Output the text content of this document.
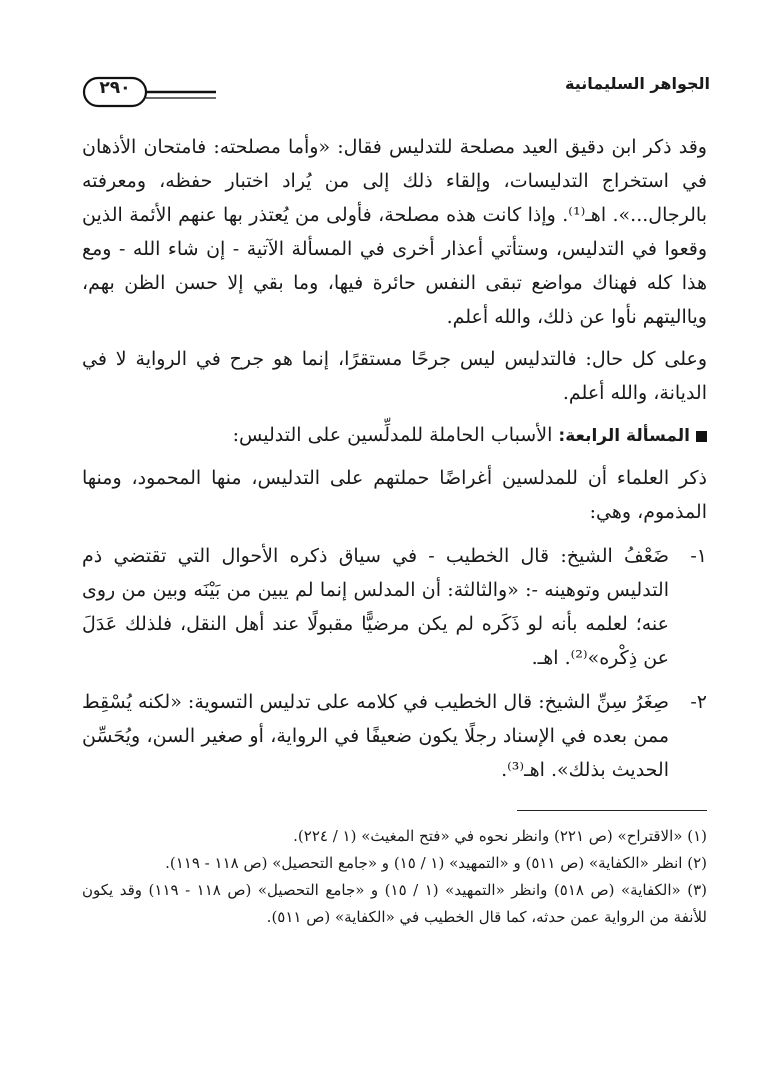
الجواهر السليمانية
٢٩٠

وقد ذكر ابن دقيق العيد مصلحة للتدليس فقال: «وأما مصلحته: فامتحان الأذهان في استخراج التدليسات، وإلقاء ذلك إلى من يُراد اختبار حفظه، ومعرفته بالرجال...». اهـ⁽¹⁾. وإذا كانت هذه مصلحة، فأولى من يُعتذر بها عنهم الأئمة الذين وقعوا في التدليس، وستأتي أعذار أخرى في المسألة الآتية - إن شاء الله - ومع هذا كله فهناك مواضع تبقى النفس حائرة فيها، وما بقي إلا حسن الظن بهم، ويااليتهم نأوا عن ذلك، والله أعلم.

وعلى كل حال: فالتدليس ليس جرحًا مستقرًا، إنما هو جرح في الرواية لا في الديانة، والله أعلم.

المسألة الرابعة: الأسباب الحاملة للمدلِّسين على التدليس:

ذكر العلماء أن للمدلسين أغراضًا حملتهم على التدليس، منها المحمود، ومنها المذموم، وهي:

١-

ضَعْفُ الشيخ: قال الخطيب - في سياق ذكره الأحوال التي تقتضي ذم التدليس وتوهينه -: «والثالثة: أن المدلس إنما لم يبين من بَيْنَه وبين من روى عنه؛ لعلمه بأنه لو ذَكَره لم يكن مرضيًّا مقبولًا عند أهل النقل، فلذلك عَدَلَ عن ذِكْره»⁽²⁾. اهـ.

٢-

صِغَرُ سِنِّ الشيخ: قال الخطيب في كلامه على تدليس التسوية: «لكنه يُسْقِط ممن بعده في الإسناد رجلًا يكون ضعيفًا في الرواية، أو صغير السن، ويُحَسِّن الحديث بذلك». اهـ⁽³⁾.

(١) «الاقتراح» (ص ٢٢١) وانظر نحوه في «فتح المغيث» (١ / ٢٢٤).

(٢) انظر «الكفاية» (ص ٥١١) و «التمهيد» (١ / ١٥) و «جامع التحصيل» (ص ١١٨ - ١١٩).

(٣) «الكفاية» (ص ٥١٨) وانظر «التمهيد» (١ / ١٥) و «جامع التحصيل» (ص ١١٨ - ١١٩) وقد يكون للأنفة من الرواية عمن حدثه، كما قال الخطيب في «الكفاية» (ص ٥١١).
